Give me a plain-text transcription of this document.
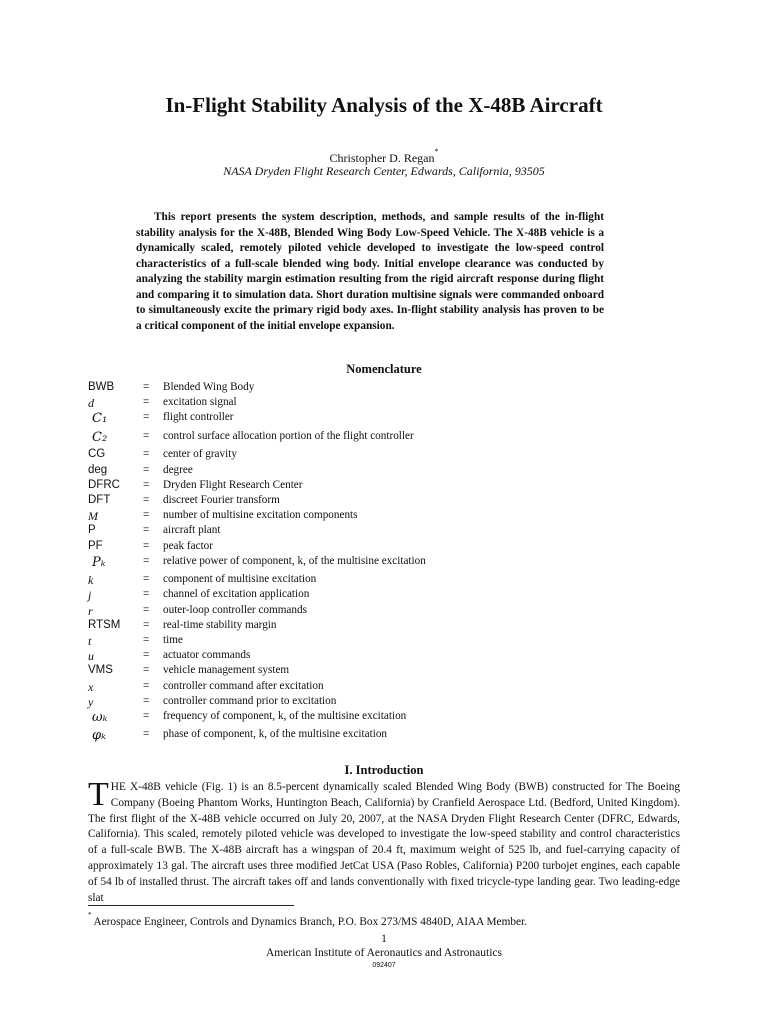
In-Flight Stability Analysis of the X-48B Aircraft
Christopher D. Regan*
NASA Dryden Flight Research Center, Edwards, California, 93505
This report presents the system description, methods, and sample results of the in-flight stability analysis for the X-48B, Blended Wing Body Low-Speed Vehicle. The X-48B vehicle is a dynamically scaled, remotely piloted vehicle developed to investigate the low-speed control characteristics of a full-scale blended wing body. Initial envelope clearance was conducted by analyzing the stability margin estimation resulting from the rigid aircraft response during flight and comparing it to simulation data. Short duration multisine signals were commanded onboard to simultaneously excite the primary rigid body axes. In-flight stability analysis has proven to be a critical component of the initial envelope expansion.
Nomenclature
BWB	= Blended Wing Body
d	= excitation signal
C₁	= flight controller
C₂	= control surface allocation portion of the flight controller
CG	= center of gravity
deg	= degree
DFRC = Dryden Flight Research Center
DFT	= discreet Fourier transform
M	= number of multisine excitation components
P	= aircraft plant
PF	= peak factor
Pₖ	= relative power of component, k, of the multisine excitation
k	= component of multisine excitation
j	= channel of excitation application
r	= outer-loop controller commands
RTSM = real-time stability margin
t	= time
u	= actuator commands
VMS	= vehicle management system
x	= controller command after excitation
y	= controller command prior to excitation
ωₖ	= frequency of component, k, of the multisine excitation
φₖ	= phase of component, k, of the multisine excitation
I. Introduction
THE X-48B vehicle (Fig. 1) is an 8.5-percent dynamically scaled Blended Wing Body (BWB) constructed for The Boeing Company (Boeing Phantom Works, Huntington Beach, California) by Cranfield Aerospace Ltd. (Bedford, United Kingdom). The first flight of the X-48B vehicle occurred on July 20, 2007, at the NASA Dryden Flight Research Center (DFRC, Edwards, California). This scaled, remotely piloted vehicle was developed to investigate the low-speed stability and control characteristics of a full-scale BWB. The X-48B aircraft has a wingspan of 20.4 ft, maximum weight of 525 lb, and fuel-carrying capacity of approximately 13 gal. The aircraft uses three modified JetCat USA (Paso Robles, California) P200 turbojet engines, each capable of 54 lb of installed thrust. The aircraft takes off and lands conventionally with fixed tricycle-type landing gear. Two leading-edge slat
*Aerospace Engineer, Controls and Dynamics Branch, P.O. Box 273/MS 4840D, AIAA Member.
1
American Institute of Aeronautics and Astronautics
092407
